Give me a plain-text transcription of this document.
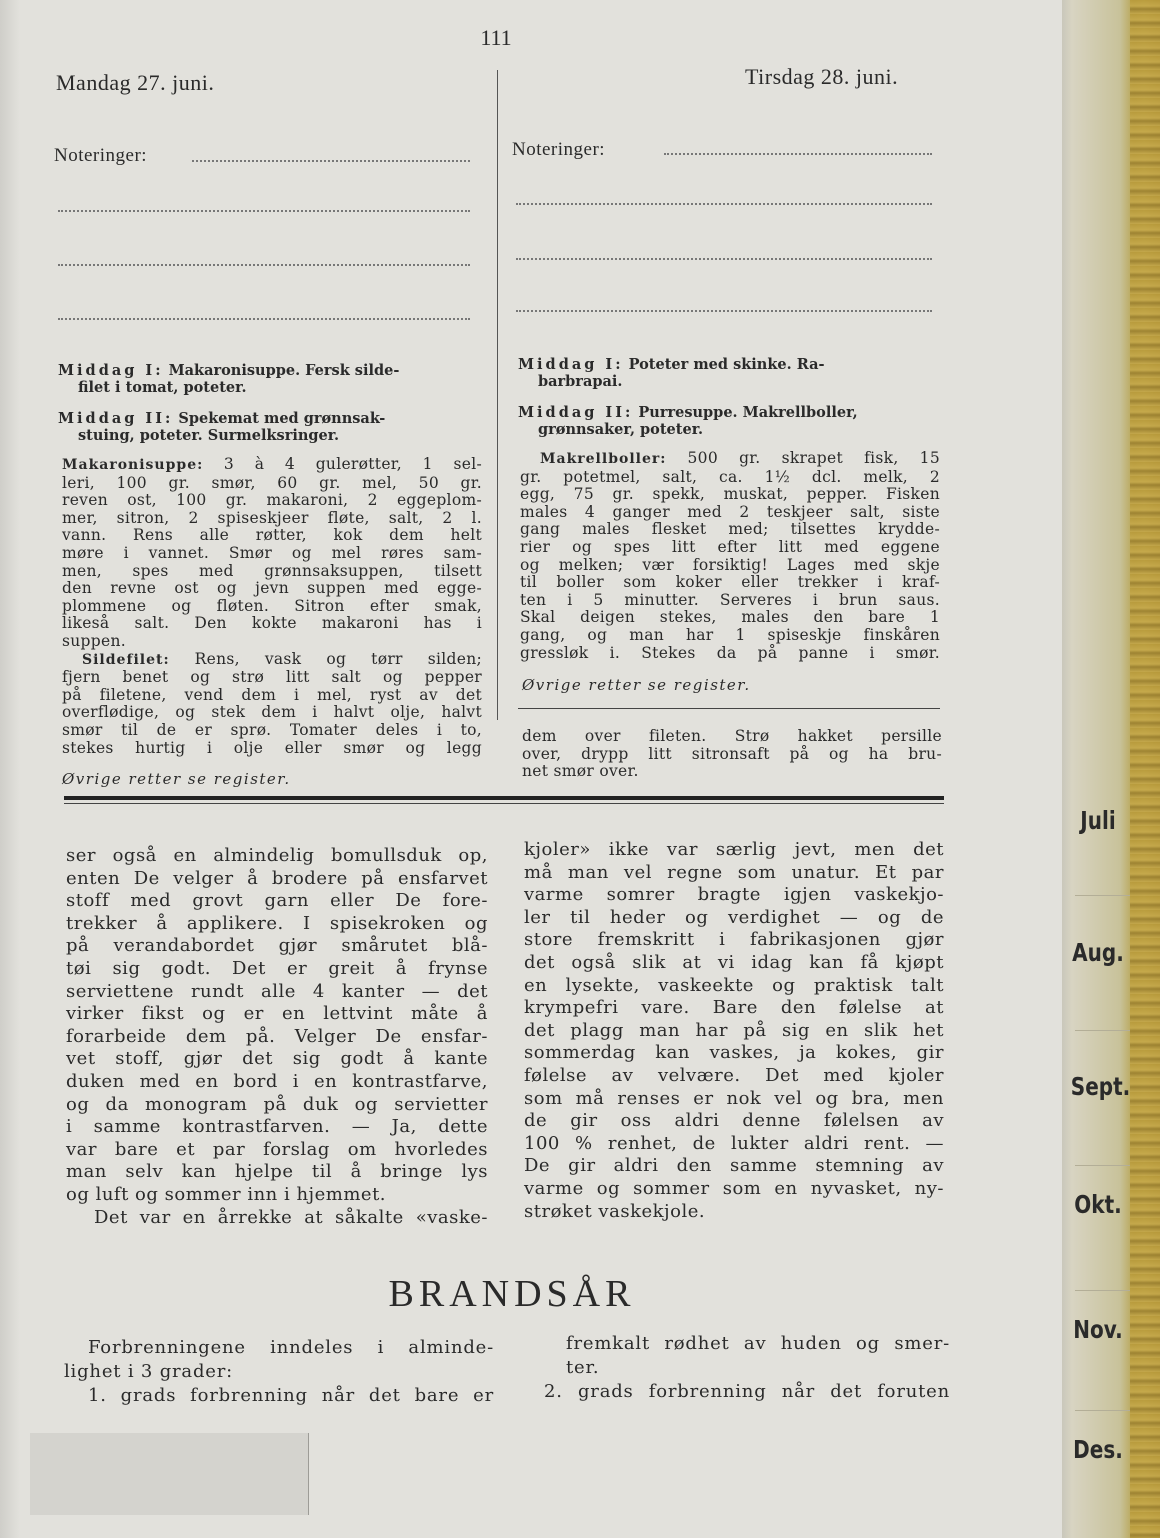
111
Mandag 27. juni.	Tirsdag 28. juni.
Noteringer:	Noteringer:
Middag I: Makaronisuppe. Fersk silde-
filet i tomat, poteter.
Middag II: Spekemat med grønnsak-
stuing, poteter. Surmelksringer.

Makaronisuppe: 3 à 4 gulerøtter, 1 sel-

leri, 100 gr. smør, 60 gr. mel, 50 gr.

reven ost, 100 gr. makaroni, 2 eggeplom-

mer, sitron, 2 spiseskjeer fløte, salt, 2 l.

vann. Rens alle røtter, kok dem helt

møre i vannet. Smør og mel røres sam-

men, spes med grønnsaksuppen, tilsett

den revne ost og jevn suppen med egge-

plommene og fløten. Sitron efter smak,

likeså salt. Den kokte makaroni has i

suppen.

Sildefilet: Rens, vask og tørr silden;

fjern benet og strø litt salt og pepper

på filetene, vend dem i mel, ryst av det

overflødige, og stek dem i halvt olje, halvt

smør til de er sprø. Tomater deles i to,

stekes hurtig i olje eller smør og legg

Øvrige retter se register.
Middag I: Poteter med skinke. Ra-
barbrapai.
Middag II: Purresuppe. Makrellboller,
grønnsaker, poteter.

Makrellboller: 500 gr. skrapet fisk, 15

gr. potetmel, salt, ca. 1½ dcl. melk, 2

egg, 75 gr. spekk, muskat, pepper. Fisken

males 4 ganger med 2 teskjeer salt, siste

gang males flesket med; tilsettes krydde-

rier og spes litt efter litt med eggene

og melken; vær forsiktig! Lages med skje

til boller som koker eller trekker i kraf-

ten i 5 minutter. Serveres i brun saus.

Skal deigen stekes, males den bare 1

gang, og man har 1 spiseskje finskåren

gressløk i. Stekes da på panne i smør.

Øvrige retter se register.

dem over fileten. Strø hakket persille

over, drypp litt sitronsaft på og ha bru-

net smør over.

ser også en almindelig bomullsduk op,

enten De velger å brodere på ensfarvet

stoff med grovt garn eller De fore-

trekker å applikere. I spisekroken og

på verandabordet gjør smårutet blå-

tøi sig godt. Det er greit å frynse

serviettene rundt alle 4 kanter — det

virker fikst og er en lettvint måte å

forarbeide dem på. Velger De ensfar-

vet stoff, gjør det sig godt å kante

duken med en bord i en kontrastfarve,

og da monogram på duk og servietter

i samme kontrastfarven. — Ja, dette

var bare et par forslag om hvorledes

man selv kan hjelpe til å bringe lys

og luft og sommer inn i hjemmet.

Det var en årrekke at såkalte «vaske-

kjoler» ikke var særlig jevt, men det

må man vel regne som unatur. Et par

varme somrer bragte igjen vaskekjo-

ler til heder og verdighet — og de

store fremskritt i fabrikasjonen gjør

det også slik at vi idag kan få kjøpt

en lysekte, vaskeekte og praktisk talt

krympefri vare. Bare den følelse at

det plagg man har på sig en slik het

sommerdag kan vaskes, ja kokes, gir

følelse av velvære. Det med kjoler

som må renses er nok vel og bra, men

de gir oss aldri denne følelsen av

100 % renhet, de lukter aldri rent. —

De gir aldri den samme stemning av

varme og sommer som en nyvasket, ny-

strøket vaskekjole.

BRANDSÅR

Forbrenningene inndeles i alminde-

lighet i 3 grader:

1. grads forbrenning når det bare er

fremkalt rødhet av huden og smer-

ter.

2. grads forbrenning når det foruten

Juli
Aug.
Sept.
Okt.
Nov.
Des.
